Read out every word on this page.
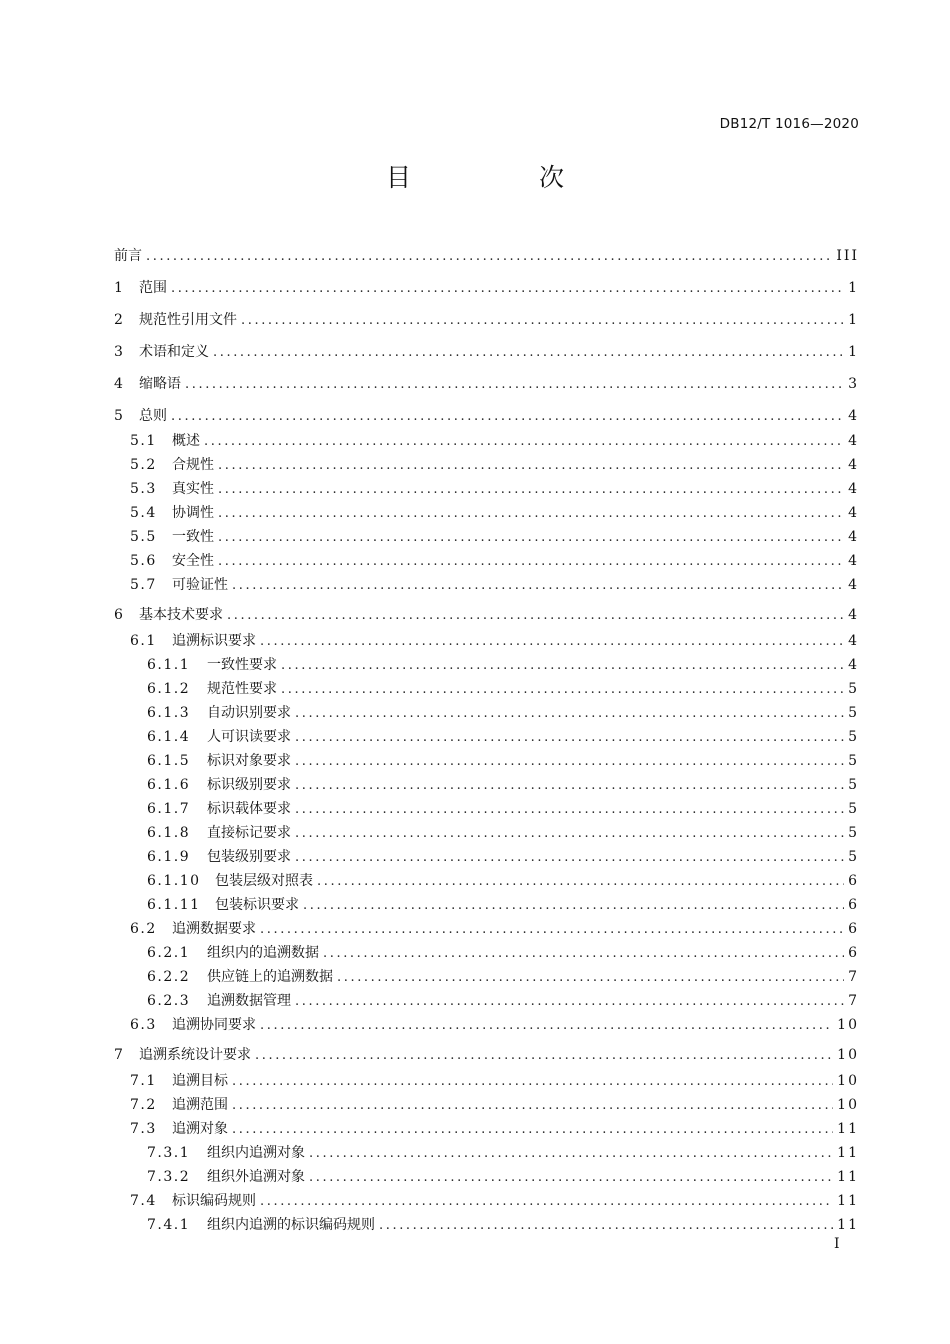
DB12/T 1016—2020
目 次
前言 .....	III
1	范围 .....	1
2	规范性引用文件 .....	1
3	术语和定义 .....	1
4	缩略语 .....	3
5	总则 .....	4
5.1	概述 .....	4
5.2	合规性 .....	4
5.3	真实性 .....	4
5.4	协调性 .....	4
5.5	一致性 .....	4
5.6	安全性 .....	4
5.7	可验证性 .....	4
6	基本技术要求 .....	4
6.1	追溯标识要求 .....	4
6.1.1	一致性要求 .....	4
6.1.2	规范性要求 .....	5
6.1.3	自动识别要求 .....	5
6.1.4	人可识读要求 .....	5
6.1.5	标识对象要求 .....	5
6.1.6	标识级别要求 .....	5
6.1.7	标识载体要求 .....	5
6.1.8	直接标记要求 .....	5
6.1.9	包装级别要求 .....	5
6.1.10	包装层级对照表 .....	6
6.1.11	包装标识要求 .....	6
6.2	追溯数据要求 .....	6
6.2.1	组织内的追溯数据 .....	6
6.2.2	供应链上的追溯数据 .....	7
6.2.3	追溯数据管理 .....	7
6.3	追溯协同要求 .....	10
7	追溯系统设计要求 .....	10
7.1	追溯目标 .....	10
7.2	追溯范围 .....	10
7.3	追溯对象 .....	11
7.3.1	组织内追溯对象 .....	11
7.3.2	组织外追溯对象 .....	11
7.4	标识编码规则 .....	11
7.4.1	组织内追溯的标识编码规则 .....	11
I
